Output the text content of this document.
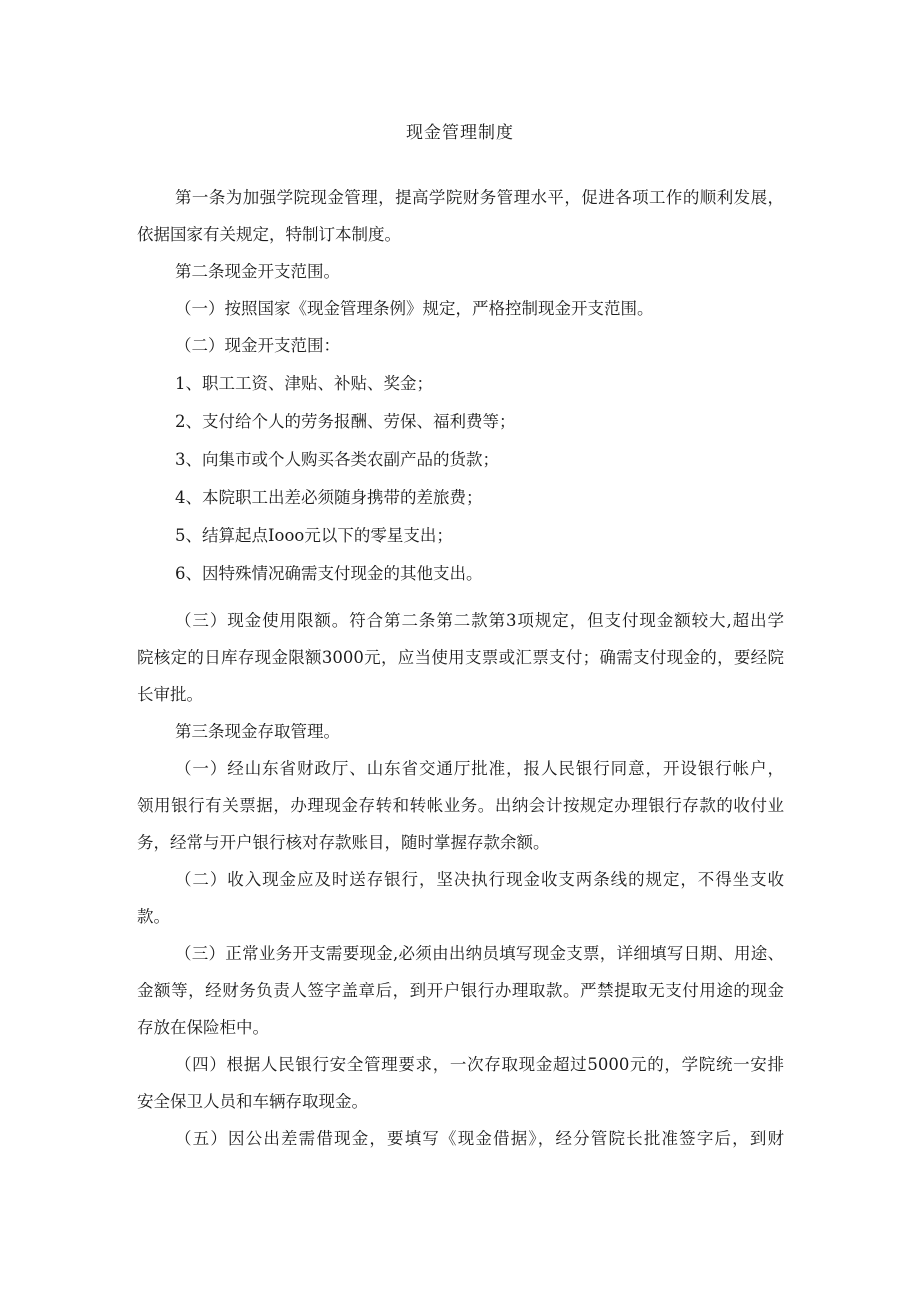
现金管理制度
第一条为加强学院现金管理，提高学院财务管理水平，促进各项工作的顺利发展，
依据国家有关规定，特制订本制度。
第二条现金开支范围。
（一）按照国家《现金管理条例》规定，严格控制现金开支范围。
（二）现金开支范围：
1、职工工资、津贴、补贴、奖金；
2、支付给个人的劳务报酬、劳保、福利费等；
3、向集市或个人购买各类农副产品的货款；
4、本院职工出差必须随身携带的差旅费；
5、结算起点Iooo元以下的零星支出；
6、因特殊情况确需支付现金的其他支出。
（三）现金使用限额。符合第二条第二款第3项规定，但支付现金额较大,超出学
院核定的日库存现金限额3000元，应当使用支票或汇票支付；确需支付现金的，要经院
长审批。
第三条现金存取管理。
（一）经山东省财政厅、山东省交通厅批准，报人民银行同意，开设银行帐户，
领用银行有关票据，办理现金存转和转帐业务。出纳会计按规定办理银行存款的收付业
务，经常与开户银行核对存款账目，随时掌握存款余额。
（二）收入现金应及时送存银行，坚决执行现金收支两条线的规定，不得坐支收
款。
（三）正常业务开支需要现金,必须由出纳员填写现金支票，详细填写日期、用途、
金额等，经财务负责人签字盖章后，到开户银行办理取款。严禁提取无支付用途的现金
存放在保险柜中。
（四）根据人民银行安全管理要求，一次存取现金超过5000元的，学院统一安排
安全保卫人员和车辆存取现金。
（五）因公出差需借现金，要填写《现金借据》，经分管院长批准签字后，到财
